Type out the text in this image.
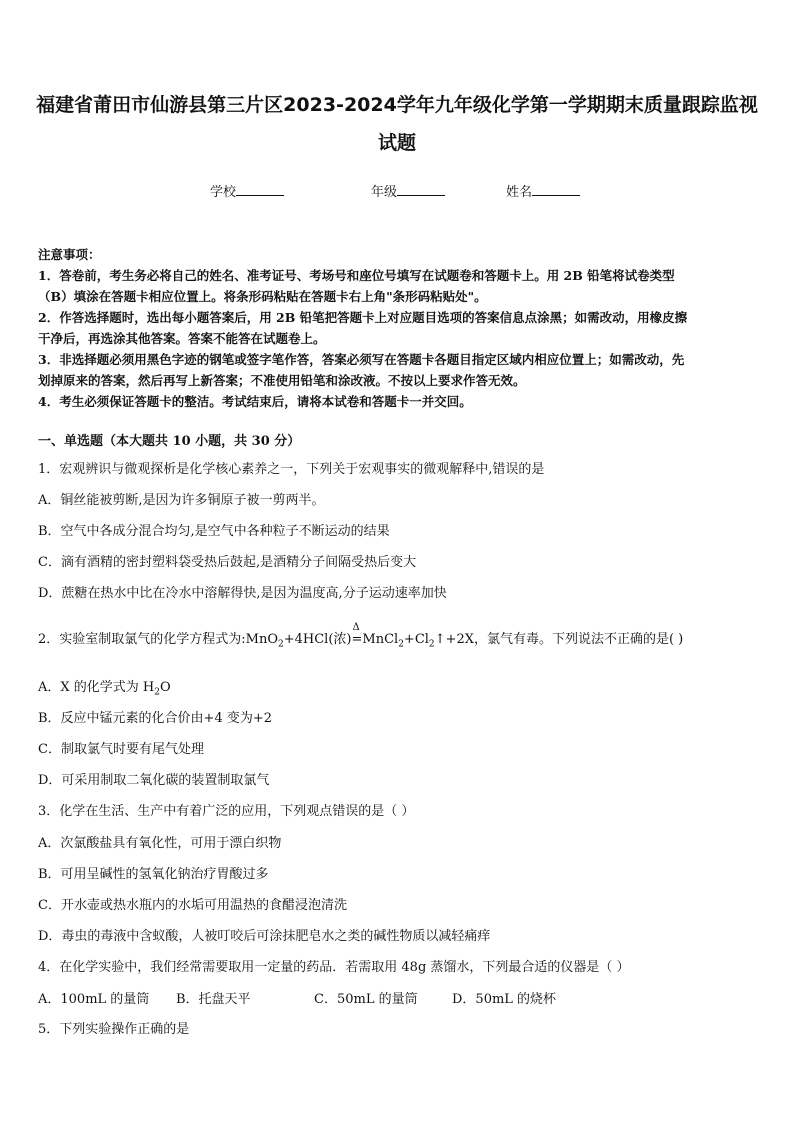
福建省莆田市仙游县第三片区2023-2024学年九年级化学第一学期期末质量跟踪监视
试题
学校	年级	姓名

注意事项：

1．答卷前，考生务必将自己的姓名、准考证号、考场号和座位号填写在试题卷和答题卡上。用 2B 铅笔将试卷类型

（B）填涂在答题卡相应位置上。将条形码粘贴在答题卡右上角"条形码粘贴处"。

2．作答选择题时，选出每小题答案后，用 2B 铅笔把答题卡上对应题目选项的答案信息点涂黑；如需改动，用橡皮擦

干净后，再选涂其他答案。答案不能答在试题卷上。

3．非选择题必须用黑色字迹的钢笔或签字笔作答，答案必须写在答题卡各题目指定区域内相应位置上；如需改动，先

划掉原来的答案，然后再写上新答案；不准使用铅笔和涂改液。不按以上要求作答无效。

4．考生必须保证答题卡的整洁。考试结束后，请将本试卷和答题卡一并交回。

一、单选题（本大题共 10 小题，共 30 分）
1．宏观辨识与微观探析是化学核心素养之一，下列关于宏观事实的微观解释中,错误的是
A．铜丝能被剪断,是因为许多铜原子被一剪两半。
B．空气中各成分混合均匀,是空气中各种粒子不断运动的结果
C．滴有酒精的密封塑料袋受热后鼓起,是酒精分子间隔受热后变大
D．蔗糖在热水中比在冷水中溶解得快,是因为温度高,分子运动速率加快
2．实验室制取氯气的化学方程式为:MnO$_2$+4HCl(浓)
Δ
$=MnCl_2+Cl_2↑+2X$，氯气有毒。下列说法不正确的是( )
A．X 的化学式为 $H_2O$
B．反应中锰元素的化合价由+4 变为+2
C．制取氯气时要有尾气处理
D．可采用制取二氧化碳的装置制取氯气
3．化学在生活、生产中有着广泛的应用，下列观点错误的是（ ）
A．次氯酸盐具有氧化性，可用于漂白织物
B．可用呈碱性的氢氧化钠治疗胃酸过多
C．开水壶或热水瓶内的水垢可用温热的食醋浸泡清洗
D．毒虫的毒液中含蚁酸，人被叮咬后可涂抹肥皂水之类的碱性物质以减轻痛痒
4．在化学实验中，我们经常需要取用一定量的药品．若需取用 48g 蒸馏水，下列最合适的仪器是（ ）
A．100mL 的量筒 B．托盘天平	C．50mL 的量筒	D．50mL 的烧杯
5．下列实验操作正确的是
